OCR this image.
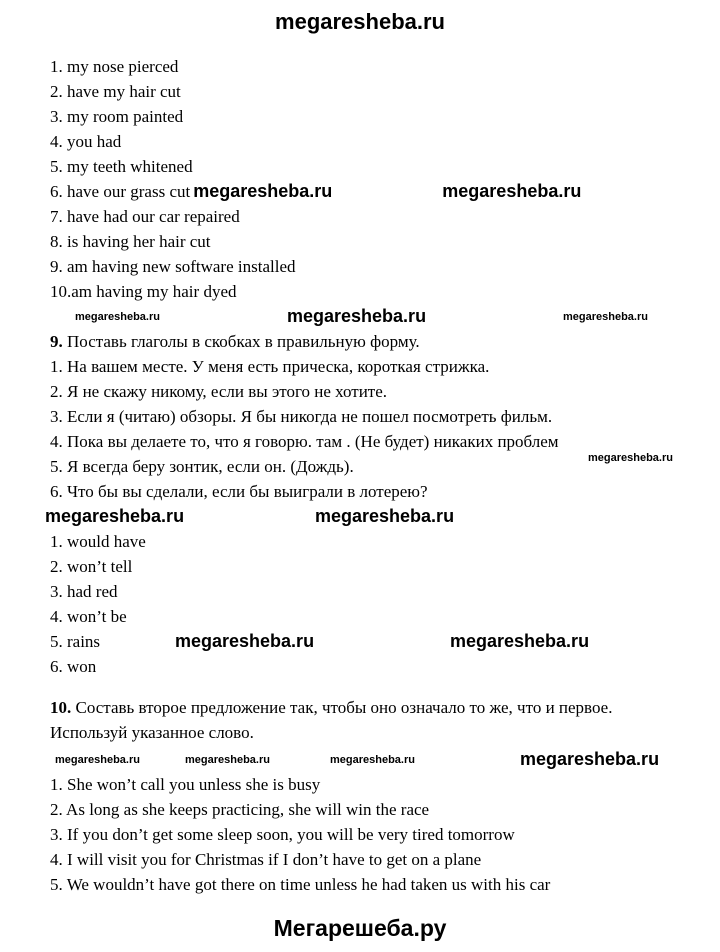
megaresheba.ru
1. my nose pierced
2. have my hair cut
3. my room painted
4. you had
5. my teeth whitened
6. have our grass cut megaresheba.ru	megaresheba.ru
7. have had our car repaired
8. is having her hair cut
9. am having new software installed
10.am having my hair dyed
megaresheba.ru	megaresheba.ru	megaresheba.ru
9. Поставь глаголы в скобках в правильную форму.
1. На вашем месте. У меня есть прическа, короткая стрижка.
2. Я не скажу никому, если вы этого не хотите.
3. Если я (читаю) обзоры. Я бы никогда не пошел посмотреть фильм.
4. Пока вы делаете то, что я говорю. там . (Не будет) никаких проблем
5. Я всегда беру зонтик, если он. (Дождь).
6. Что бы вы сделали, если бы выиграли в лотерею?
megaresheba.ru
megaresheba.ru	megaresheba.ru
1. would have
2. won’t tell
3. had red
4. won’t be
5. rains	megaresheba.ru	megaresheba.ru
6. won
10. Составь второе предложение так, чтобы оно означало то же, что и первое. Используй указанное слово.
megaresheba.ru	megaresheba.ru	megaresheba.ru	megaresheba.ru
1. She won’t call you unless she is busy
2. As long as she keeps practicing, she will win the race
3. If you don’t get some sleep soon, you will be very tired tomorrow
4. I will visit you for Christmas if I don’t have to get on a plane
5. We wouldn’t have got there on time unless he had taken us with his car
Мегарешеба.ру
